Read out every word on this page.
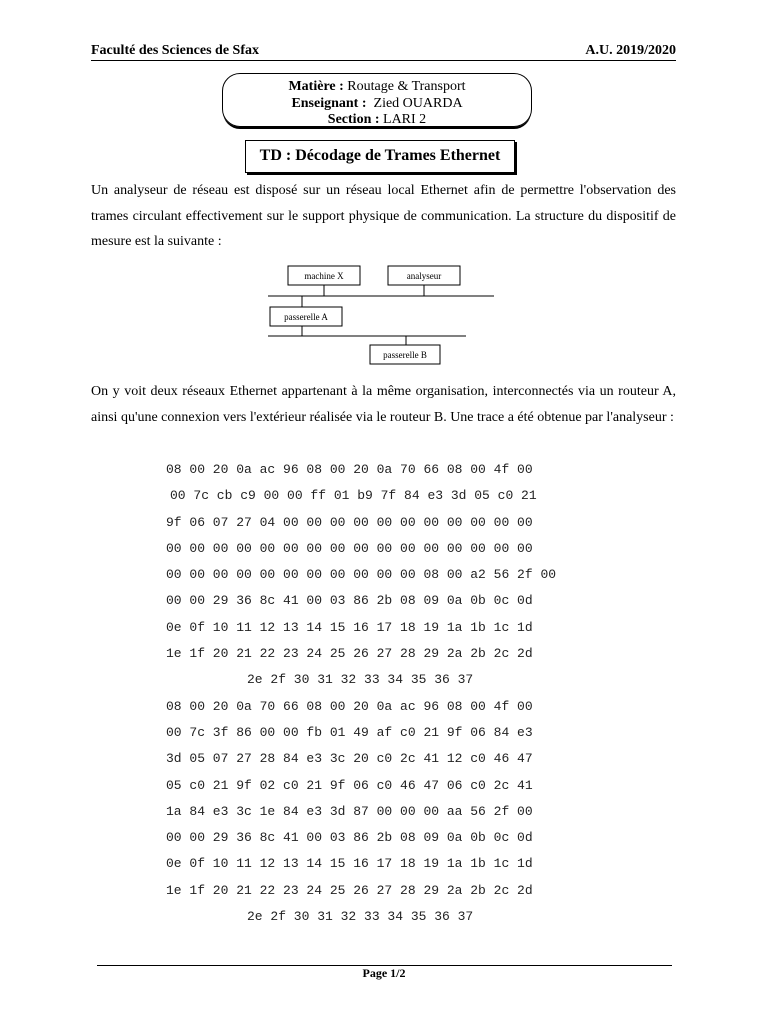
Faculté des Sciences de Sfax	A.U. 2019/2020
Matière : Routage & Transport
Enseignant : Zied OUARDA
Section : LARI 2
TD : Décodage de Trames Ethernet
Un analyseur de réseau est disposé sur un réseau local Ethernet afin de permettre l'observation des trames circulant effectivement sur le support physique de communication. La structure du dispositif de mesure est la suivante :
machine X	analyseur
passerelle A
passerelle B
On y voit deux réseaux Ethernet appartenant à la même organisation, interconnectés via un routeur A, ainsi qu'une connexion vers l'extérieur réalisée via le routeur B. Une trace a été obtenue par l'analyseur :
08 00 20 0a ac 96 08 00 20 0a 70 66 08 00 4f 00
00 7c cb c9 00 00 ff 01 b9 7f 84 e3 3d 05 c0 21
9f 06 07 27 04 00 00 00 00 00 00 00 00 00 00 00
00 00 00 00 00 00 00 00 00 00 00 00 00 00 00 00
00 00 00 00 00 00 00 00 00 00 00 08 00 a2 56 2f 00
00 00 29 36 8c 41 00 03 86 2b 08 09 0a 0b 0c 0d
0e 0f 10 11 12 13 14 15 16 17 18 19 1a 1b 1c 1d
1e 1f 20 21 22 23 24 25 26 27 28 29 2a 2b 2c 2d
2e 2f 30 31 32 33 34 35 36 37
08 00 20 0a 70 66 08 00 20 0a ac 96 08 00 4f 00
00 7c 3f 86 00 00 fb 01 49 af c0 21 9f 06 84 e3
3d 05 07 27 28 84 e3 3c 20 c0 2c 41 12 c0 46 47
05 c0 21 9f 02 c0 21 9f 06 c0 46 47 06 c0 2c 41
1a 84 e3 3c 1e 84 e3 3d 87 00 00 00 aa 56 2f 00
00 00 29 36 8c 41 00 03 86 2b 08 09 0a 0b 0c 0d
0e 0f 10 11 12 13 14 15 16 17 18 19 1a 1b 1c 1d
1e 1f 20 21 22 23 24 25 26 27 28 29 2a 2b 2c 2d
2e 2f 30 31 32 33 34 35 36 37
Page 1/2
